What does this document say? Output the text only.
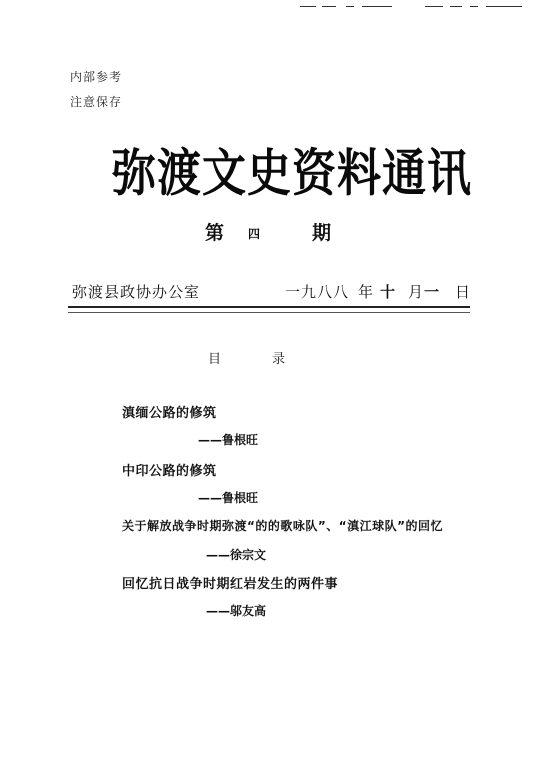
内部参考
注意保存
弥渡文史资料通讯
第 四	期
弥渡县政协办公室	一九八八 年 十 月 一 日
目	录
滇缅公路的修筑
——鲁根旺
中印公路的修筑
——鲁根旺
关于解放战争时期弥渡“的的歌咏队”、“滇江球队”的回忆
——徐宗文
回忆抗日战争时期红岩发生的两件事
——邬友高
